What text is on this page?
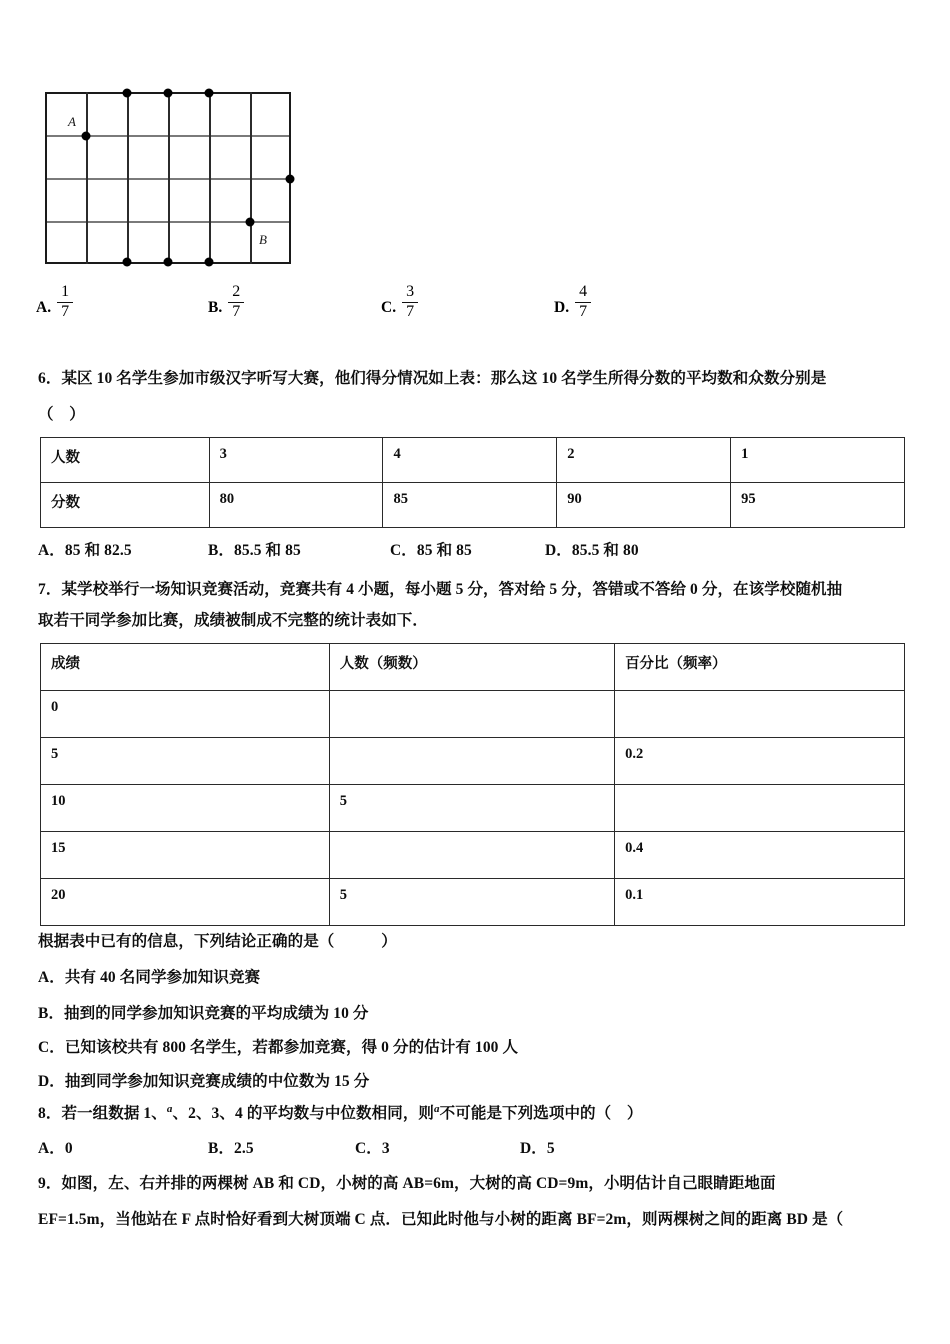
A
B
A. $\frac{1}{7}$	B. $\frac{2}{7}$	C. $\frac{3}{7}$	D. $\frac{4}{7}$
6．某区 10 名学生参加市级汉字听写大赛，他们得分情况如上表：那么这 10 名学生所得分数的平均数和众数分别是
（　）
人数	3	4	2	1
分数	80	85	90	95
A．85 和 82.5	B．85.5 和 85	C．85 和 85	D．85.5 和 80
7．某学校举行一场知识竞赛活动，竞赛共有 4 小题，每小题 5 分，答对给 5 分，答错或不答给 0 分，在该学校随机抽
取若干同学参加比赛，成绩被制成不完整的统计表如下．
成绩	人数（频数）	百分比（频率）
0		
5		0.2
10	5	
15		0.4
20	5	0.1
根据表中已有的信息，下列结论正确的是（　　　）
A．共有 40 名同学参加知识竞赛
B．抽到的同学参加知识竞赛的平均成绩为 10 分
C．已知该校共有 800 名学生，若都参加竞赛，得 0 分的估计有 100 人
D．抽到同学参加知识竞赛成绩的中位数为 15 分
8．若一组数据 1、$^a$、2、3、4 的平均数与中位数相同，则$^a$不可能是下列选项中的（　）
A．0	B．2.5	C．3	D．5
9．如图，左、右并排的两棵树 AB 和 CD，小树的高 AB=6m，大树的高 CD=9m，小明估计自己眼睛距地面
EF=1.5m，当他站在 F 点时恰好看到大树顶端 C 点．已知此时他与小树的距离 BF=2m，则两棵树之间的距离 BD 是（
